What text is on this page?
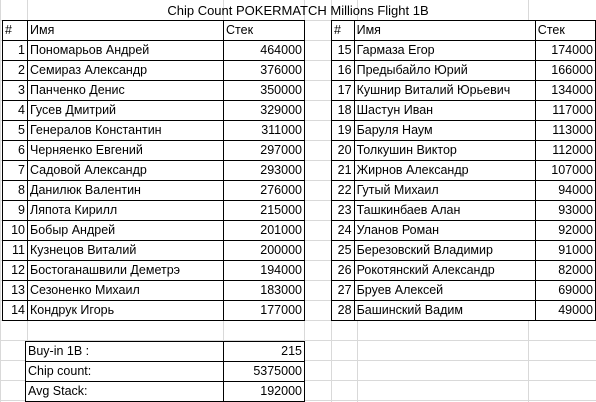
Chip Count POKERMATCH Millions Flight 1B
#	Имя	Стек
1	Пономарьов Андрей	464000
2	Семираз Александр	376000
3	Панченко Денис	350000
4	Гусев Дмитрий	329000
5	Генералов Константин	311000
6	Черняенко Евгений	297000
7	Садовой Александр	293000
8	Данилюк Валентин	276000
9	Ляпота Кирилл	215000
10	Бобыр Андрей	201000
11	Кузнецов Виталий	200000
12	Бостоганашвили Деметрэ	194000
13	Сезоненко Михаил	183000
14	Кондрук Игорь	177000
#	Имя	Стек
15	Гармаза Егор	174000
16	Предыбайло Юрий	166000
17	Кушнир Виталий Юрьевич	134000
18	Шастун Иван	117000
19	Баруля Наум	113000
20	Толкушин Виктор	112000
21	Жирнов Александр	107000
22	Гутый Михаил	94000
23	Ташкинбаев Алан	93000
24	Уланов Роман	92000
25	Березовский Владимир	91000
26	Рокотянский Александр	82000
27	Бруев Алексей	69000
28	Башинский Вадим	49000
Buy-in 1B :	215
Chip count:	5375000
Avg Stack:	192000
